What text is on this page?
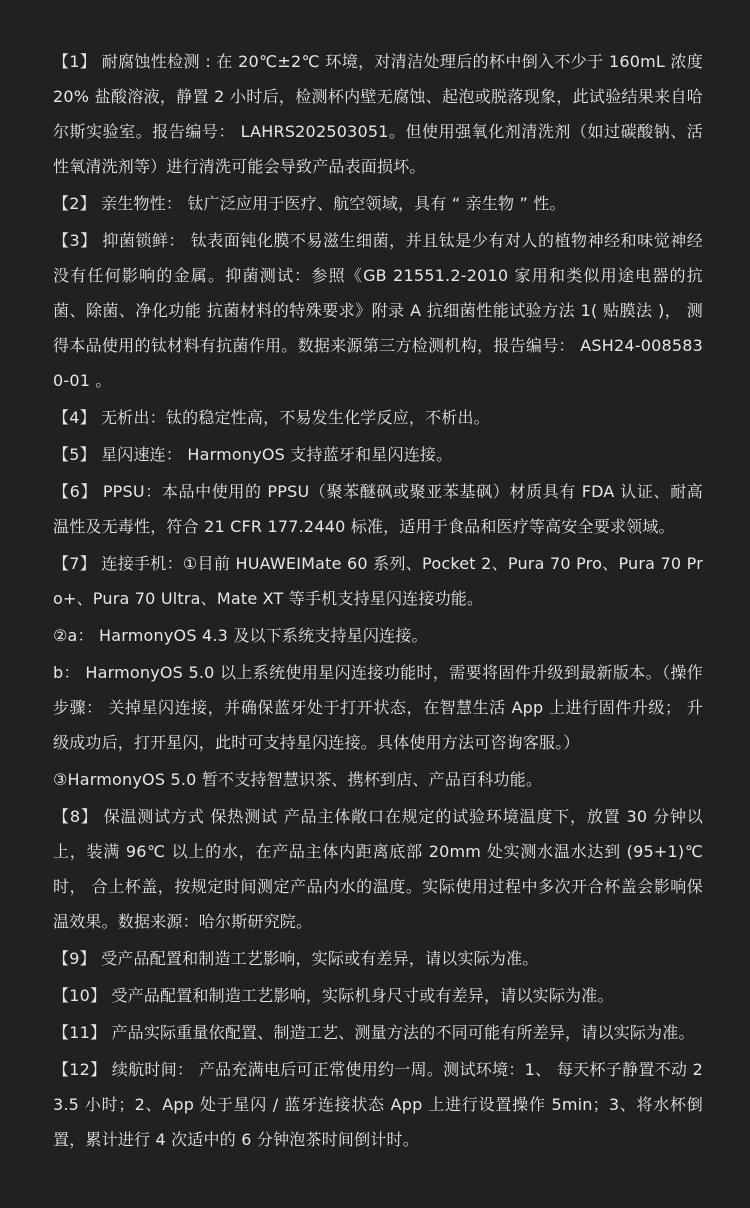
【1】 耐腐蚀性检测 : 在 20℃±2℃ 环境，对清洁处理后的杯中倒入不少于 160mL 浓度 20% 盐酸溶液，静置 2 小时后，检测杯内壁无腐蚀、起泡或脱落现象，此试验结果来自哈尔斯实验室。报告编号： LAHRS202503051。但使用强氧化剂清洗剂（如过碳酸钠、活性氧清洗剂等）进行清洗可能会导致产品表面损坏。

【2】 亲生物性： 钛广泛应用于医疗、航空领域，具有 “ 亲生物 ” 性。

【3】 抑菌锁鲜： 钛表面钝化膜不易滋生细菌，并且钛是少有对人的植物神经和味觉神经没有任何影响的金属。抑菌测试：参照《GB 21551.2-2010 家用和类似用途电器的抗菌、除菌、净化功能 抗菌材料的特殊要求》附录 A 抗细菌性能试验方法 1( 贴膜法 )， 测得本品使用的钛材料有抗菌作用。数据来源第三方检测机构，报告编号： ASH24-0085830-01 。

【4】 无析出：钛的稳定性高，不易发生化学反应，不析出。

【5】 星闪速连： HarmonyOS 支持蓝牙和星闪连接。

【6】 PPSU：本品中使用的 PPSU（聚苯醚砜或聚亚苯基砜）材质具有 FDA 认证、耐高温性及无毒性，符合 21 CFR 177.2440 标准，适用于食品和医疗等高安全要求领域。

【7】 连接手机：①目前 HUAWEIMate 60 系列、Pocket 2、Pura 70 Pro、Pura 70 Pro+、Pura 70 Ultra、Mate XT 等手机支持星闪连接功能。

②a： HarmonyOS 4.3 及以下系统支持星闪连接。

b： HarmonyOS 5.0 以上系统使用星闪连接功能时，需要将固件升级到最新版本。（操作步骤： 关掉星闪连接，并确保蓝牙处于打开状态，在智慧生活 App 上进行固件升级； 升级成功后，打开星闪，此时可支持星闪连接。具体使用方法可咨询客服。）

③HarmonyOS 5.0 暂不支持智慧识茶、携杯到店、产品百科功能。

【8】 保温测试方式 保热测试 产品主体敞口在规定的试验环境温度下，放置 30 分钟以上，装满 96℃ 以上的水，在产品主体内距离底部 20mm 处实测水温水达到 (95+1)℃ 时， 合上杯盖，按规定时间测定产品内水的温度。实际使用过程中多次开合杯盖会影响保温效果。数据来源：哈尔斯研究院。

【9】 受产品配置和制造工艺影响，实际或有差异，请以实际为准。

【10】 受产品配置和制造工艺影响，实际机身尺寸或有差异，请以实际为准。

【11】 产品实际重量依配置、制造工艺、测量方法的不同可能有所差异，请以实际为准。

【12】 续航时间： 产品充满电后可正常使用约一周。测试环境：1、 每天杯子静置不动 23.5 小时；2、App 处于星闪 / 蓝牙连接状态 App 上进行设置操作 5min；3、将水杯倒置，累计进行 4 次适中的 6 分钟泡茶时间倒计时。
